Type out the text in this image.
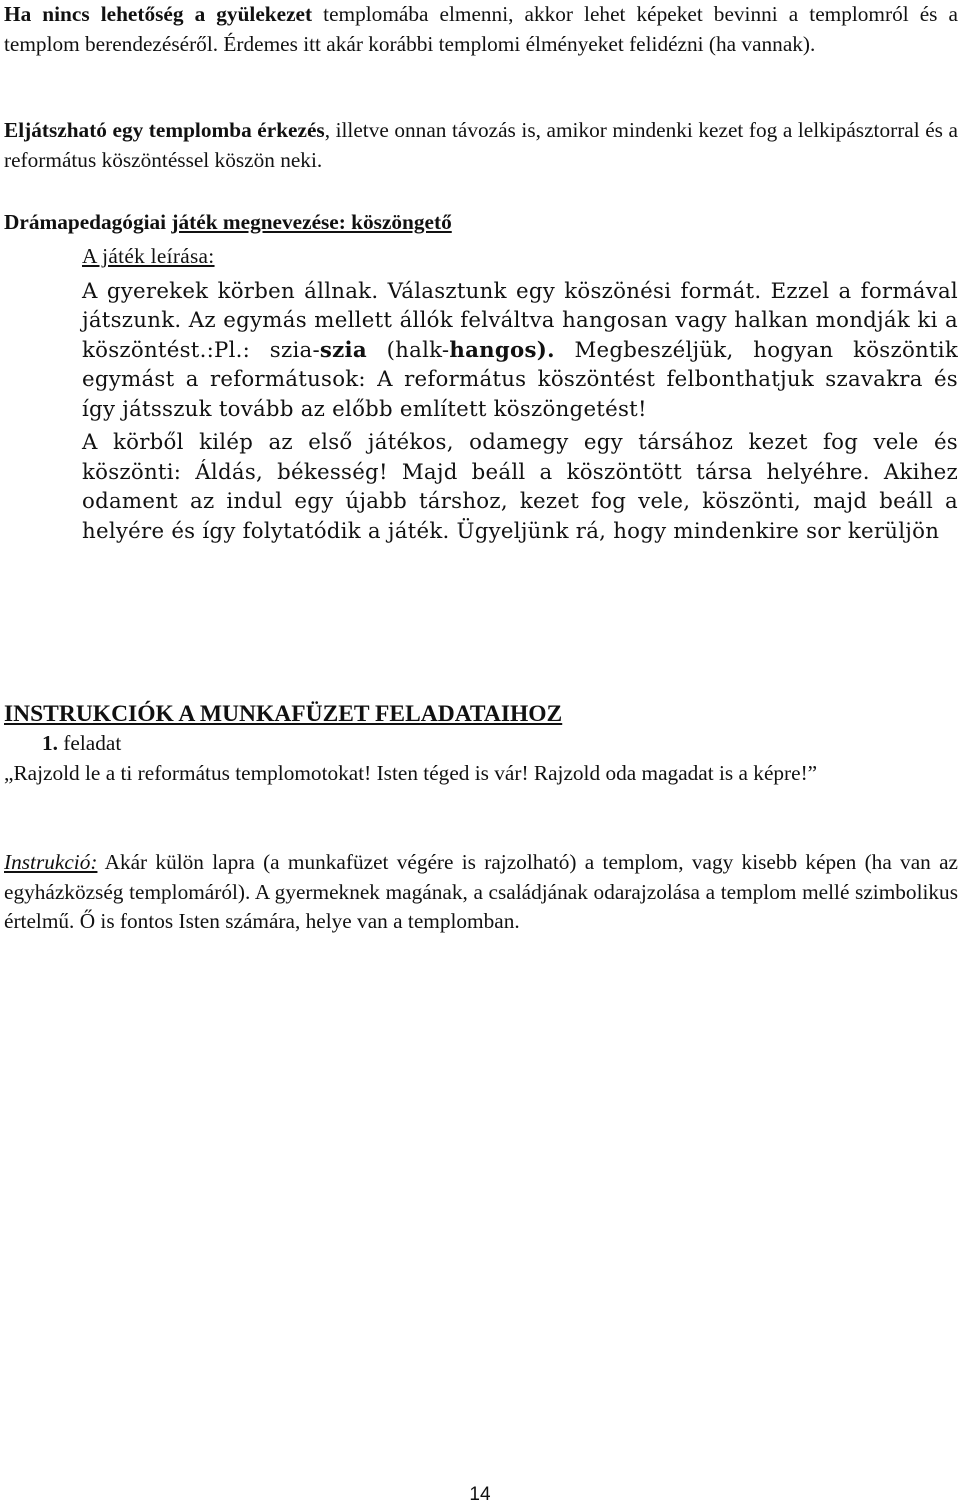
Ha nincs lehetőség a gyülekezet templomába elmenni, akkor lehet képeket bevinni a templomról és a templom berendezéséről. Érdemes itt akár korábbi templomi élményeket felidézni (ha vannak).

Eljátszható egy templomba érkezés, illetve onnan távozás is, amikor mindenki kezet fog a lelkipásztorral és a református köszöntéssel köszön neki.

Drámapedagógiai játék megnevezése: köszöngető

A játék leírása:

A gyerekek körben állnak. Választunk egy köszönési formát. Ezzel a formával játszunk. Az egymás mellett állók felváltva hangosan vagy halkan mondják ki a köszöntést.:Pl.: szia-szia (halk-hangos). Megbeszéljük, hogyan köszöntik egymást a reformátusok: A református köszöntést felbonthatjuk szavakra és így játsszuk tovább az előbb említett köszöngetést!

A körből kilép az első játékos, odamegy egy társához kezet fog vele és köszönti: Áldás, békesség! Majd beáll a köszöntött társa helyéhre. Akihez odament az indul egy újabb társhoz, kezet fog vele, köszönti, majd beáll a helyére és így folytatódik a játék. Ügyeljünk rá, hogy mindenkire sor kerüljön

INSTRUKCIÓK A MUNKAFÜZET FELADATAIHOZ

1. feladat

„Rajzold le a ti református templomotokat! Isten téged is vár! Rajzold oda magadat is a képre!”

Instrukció: Akár külön lapra (a munkafüzet végére is rajzolható) a templom, vagy kisebb képen (ha van az egyházközség templomáról). A gyermeknek magának, a családjának odarajzolása a templom mellé szimbolikus értelmű. Ő is fontos Isten számára, helye van a templomban.

14
